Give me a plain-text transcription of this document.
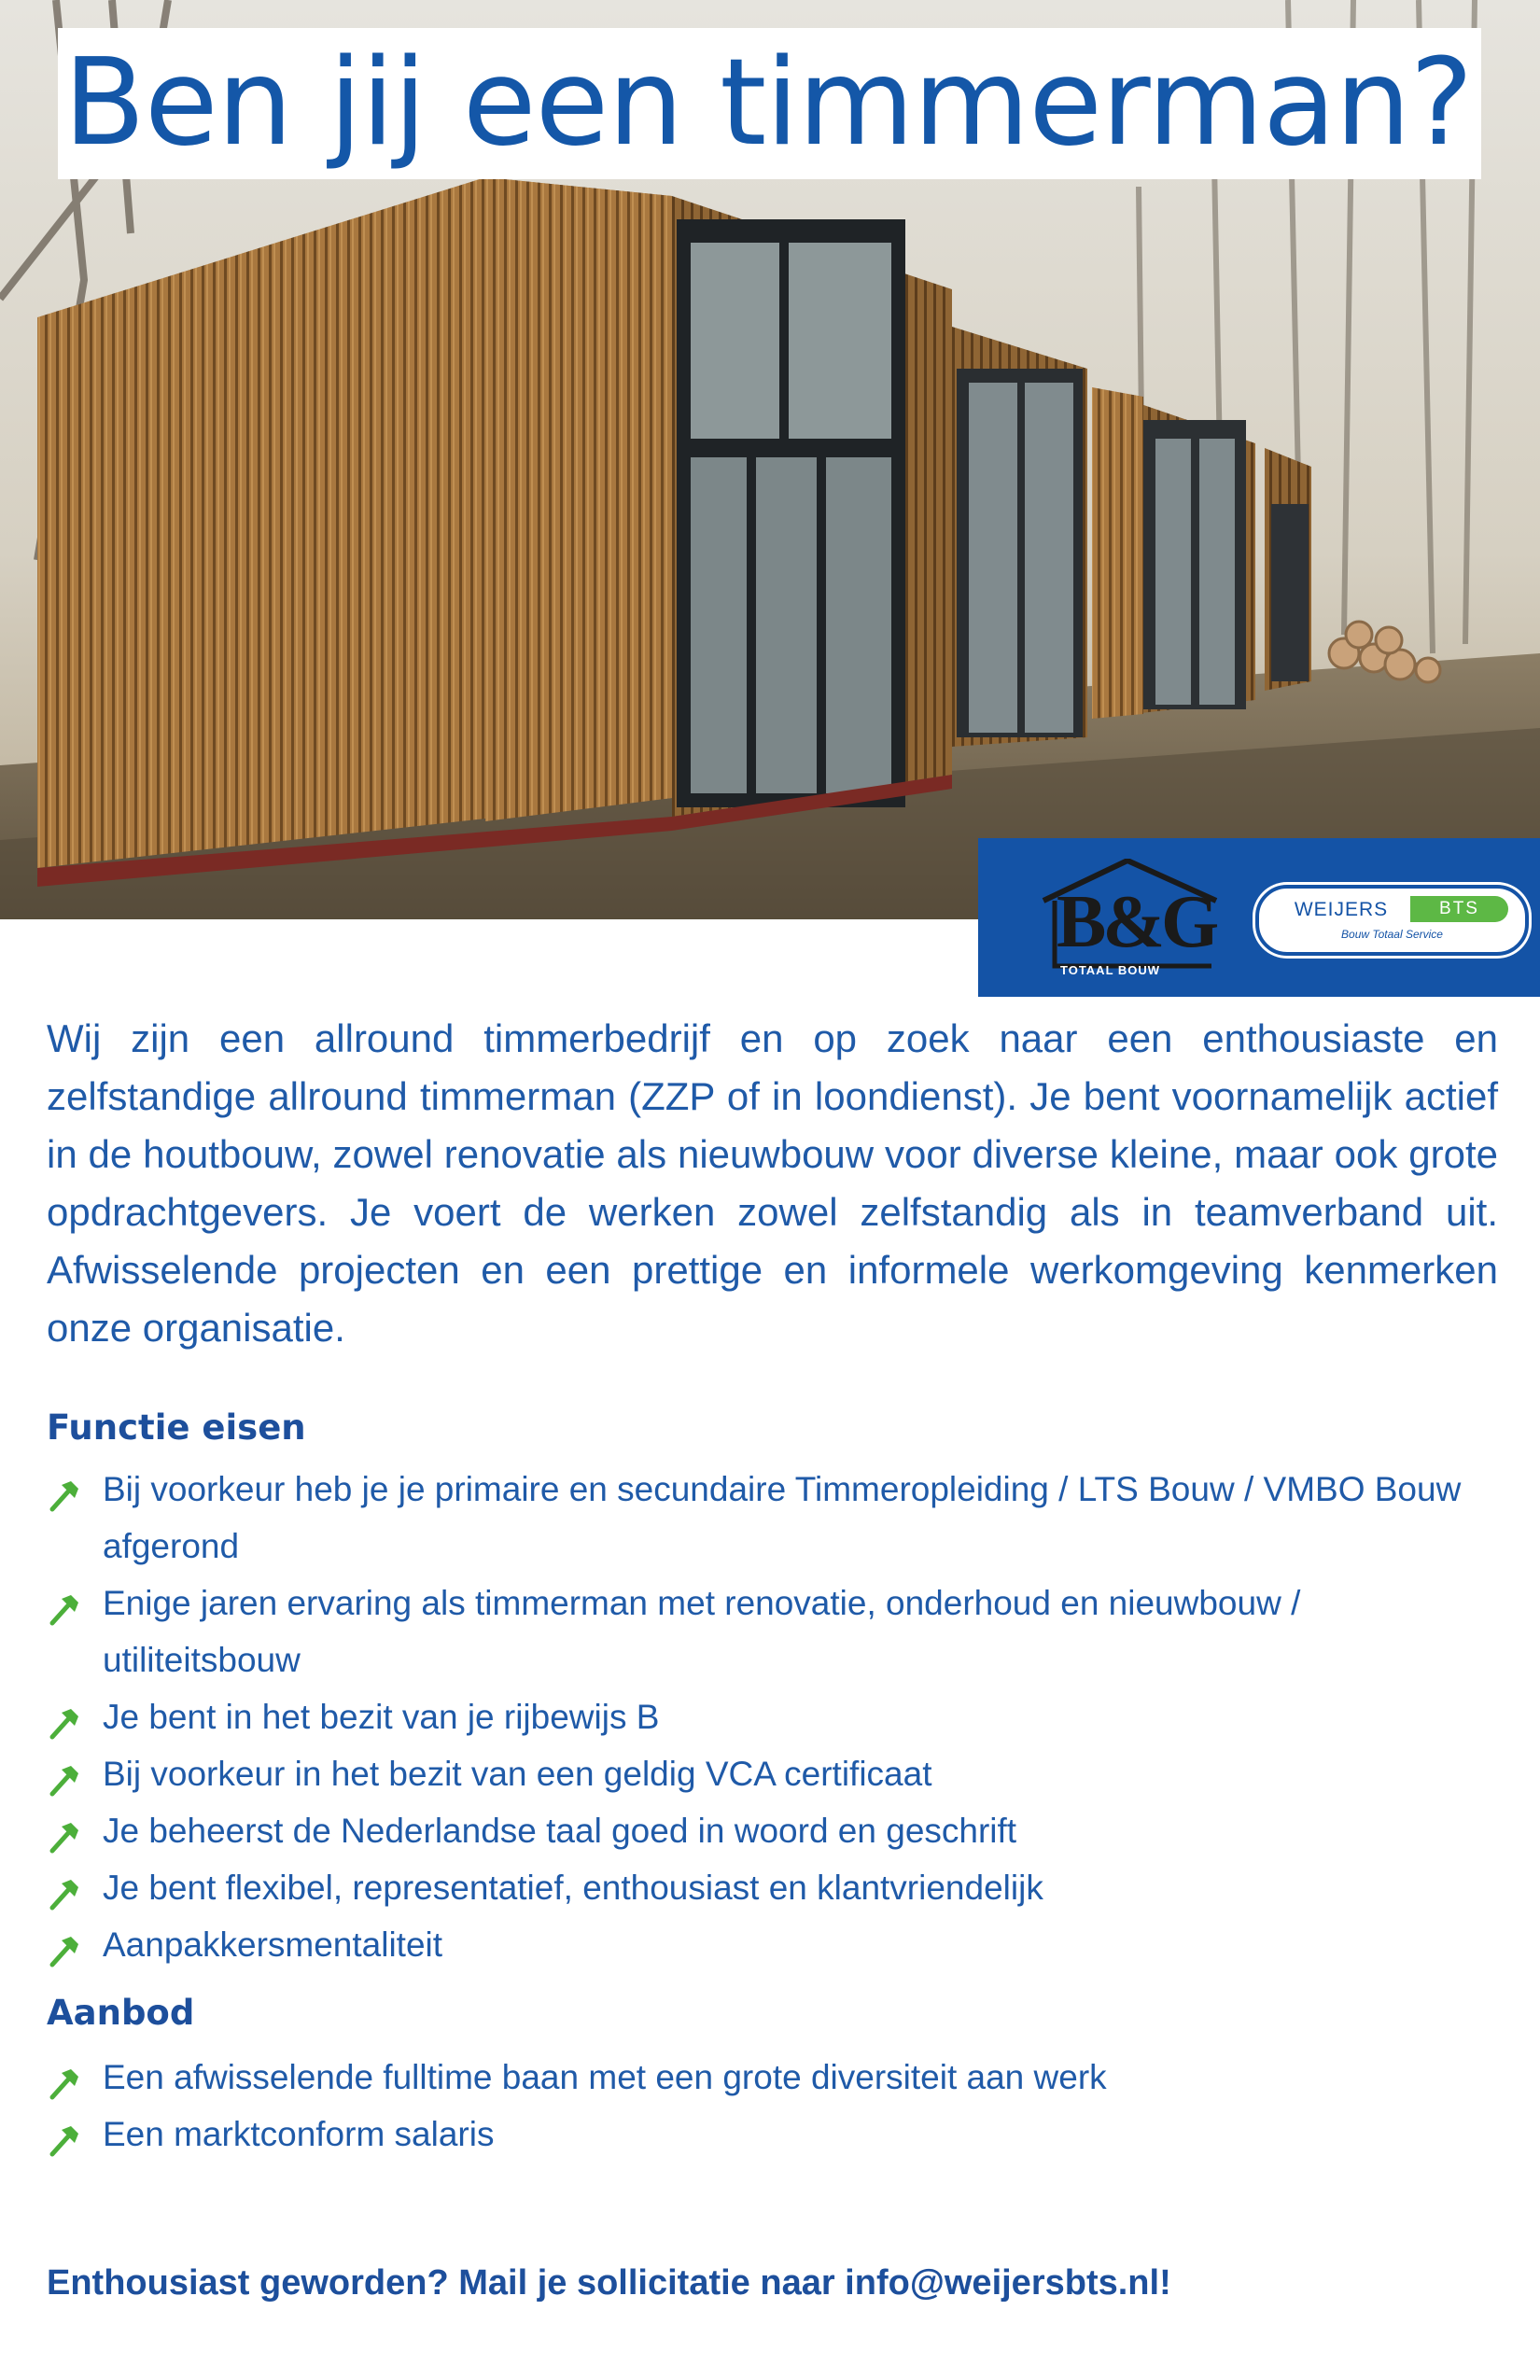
Ben jij een timmerman?
B&G
TOTAAL BOUW
WEIJERS	BTS
Bouw Totaal Service

Wij zijn een allround timmerbedrijf en op zoek naar een enthousiaste en zelfstandige allround timmerman (ZZP of in loondienst). Je bent voornamelijk actief in de houtbouw, zowel renovatie als nieuwbouw voor diverse kleine, maar ook grote opdrachtgevers. Je voert de werken zowel zelfstandig als in teamverband uit. Afwisselende projecten en een prettige en informele werkomgeving kenmerken onze organisatie.

Functie eisen
Bij voorkeur heb je je primaire en secundaire Timmeropleiding / LTS Bouw / VMBO Bouw afgerond
Enige jaren ervaring als timmerman met renovatie, onderhoud en nieuwbouw / utiliteitsbouw
Je bent in het bezit van je rijbewijs B
Bij voorkeur in het bezit van een geldig VCA certificaat
Je beheerst de Nederlandse taal goed in woord en geschrift
Je bent flexibel, representatief, enthousiast en klantvriendelijk
Aanpakkersmentaliteit
Aanbod
Een afwisselende fulltime baan met een grote diversiteit aan werk
Een marktconform salaris

Enthousiast geworden? Mail je sollicitatie naar info@weijersbts.nl!
